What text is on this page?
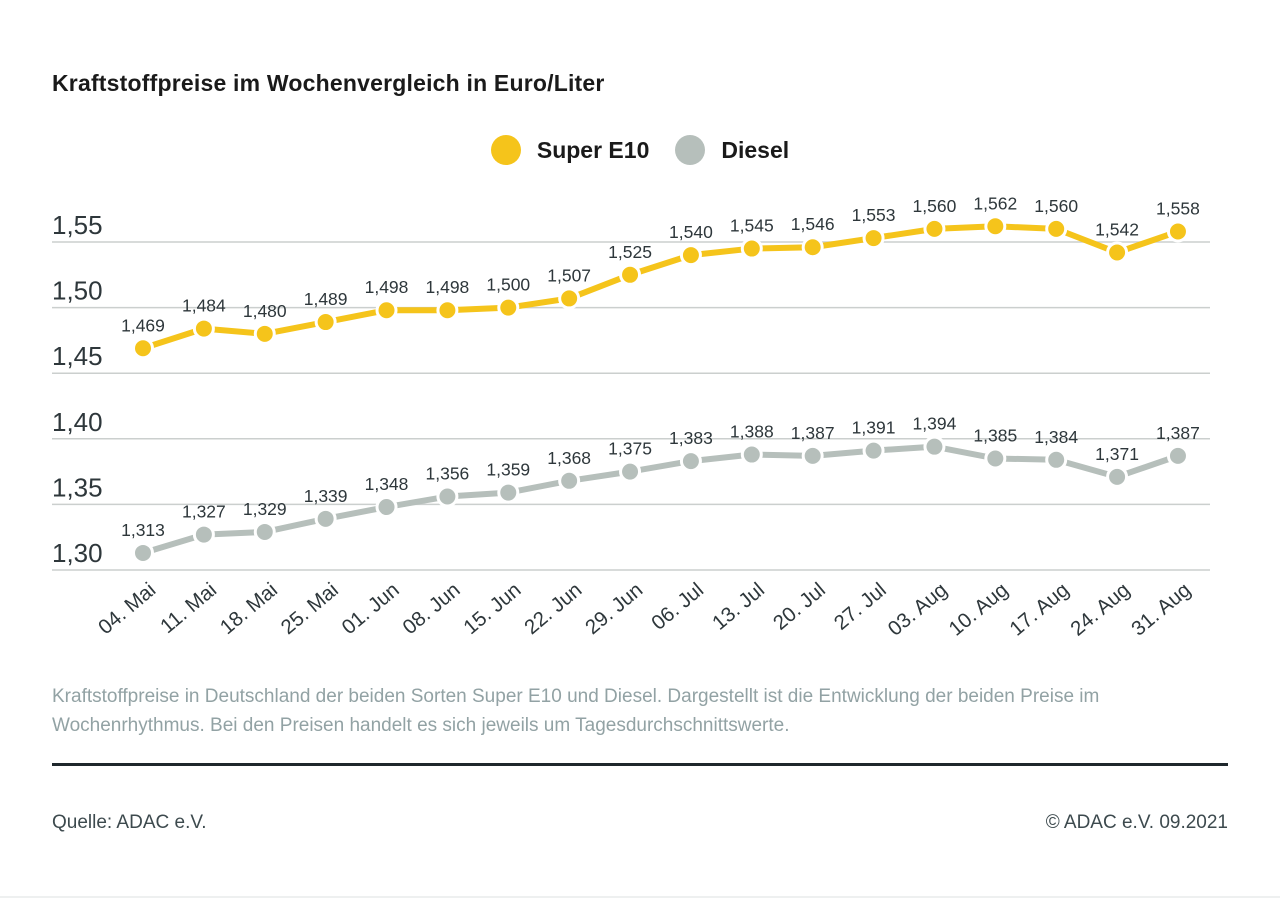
Kraftstoffpreise im Wochenvergleich in Euro/Liter
Super E10	Diesel
1,55
1,50
1,45
1,40
1,35
1,30
1,469
1,484 1,480
1,489
1,498 1,498 1,500 1,507
1,525
1,540 1,545 1,546 1,553 1,560 1,562 1,560
1,542
1,558
1,313
1,327 1,329
1,339
1,348
1,356 1,359
1,368 1,375
1,383 1,388 1,387 1,391 1,394
1,385 1,384
1,371
1,387
04. Mai
11. Mai
18. Mai
25. Mai
01. Jun
08. Jun
15. Jun
22. Jun
29. Jun 06. Jul 13. Jul 20. Jul 27. Jul
03. Aug
10. Aug
17. Aug
24. Aug
31. Aug
Kraftstoffpreise in Deutschland der beiden Sorten Super E10 und Diesel. Dargestellt ist die Entwicklung der beiden Preise im Wochenrhythmus. Bei den Preisen handelt es sich jeweils um Tagesdurchschnittswerte.
Quelle: ADAC e.V.	© ADAC e.V. 09.2021
